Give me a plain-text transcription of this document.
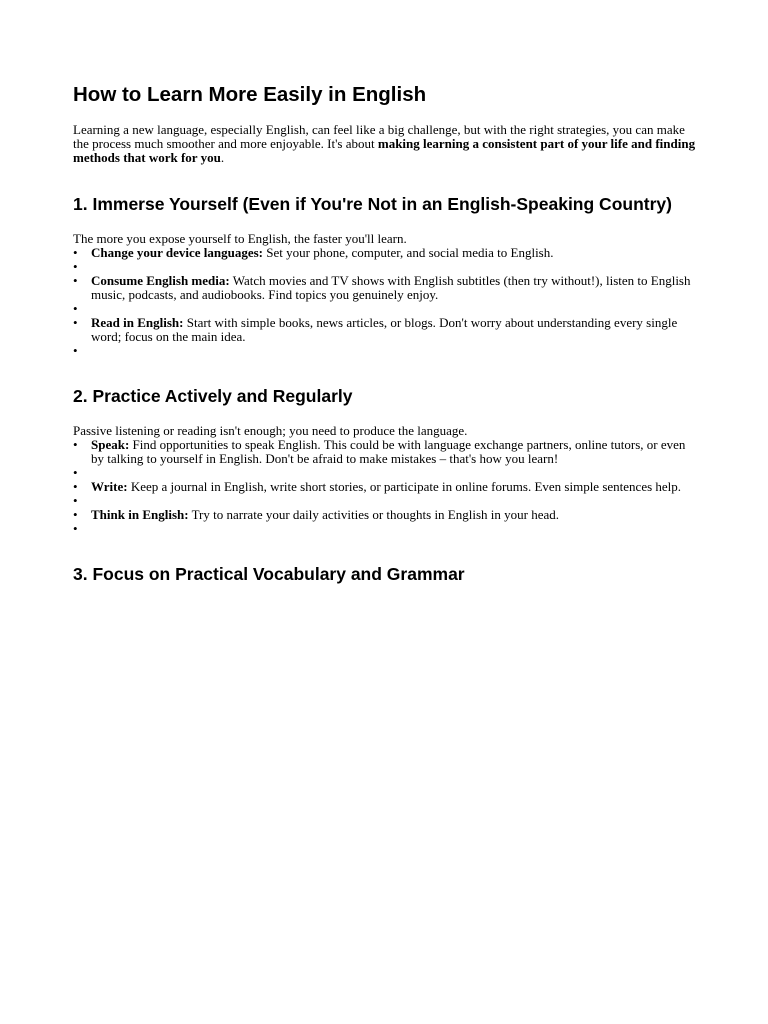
How to Learn More Easily in English

Learning a new language, especially English, can feel like a big challenge, but with the right strategies, you can make the process much smoother and more enjoyable. It's about making learning a consistent part of your life and finding methods that work for you.

1. Immerse Yourself (Even if You're Not in an English-Speaking Country)

The more you expose yourself to English, the faster you'll learn.

• Change your device languages: Set your phone, computer, and social media to English.
•
• Consume English media: Watch movies and TV shows with English subtitles (then try without!), listen to English music, podcasts, and audiobooks. Find topics you genuinely enjoy.
•
• Read in English: Start with simple books, news articles, or blogs. Don't worry about understanding every single word; focus on the main idea.
•
2. Practice Actively and Regularly

Passive listening or reading isn't enough; you need to produce the language.

• Speak: Find opportunities to speak English. This could be with language exchange partners, online tutors, or even by talking to yourself in English. Don't be afraid to make mistakes – that's how you learn!
•
• Write: Keep a journal in English, write short stories, or participate in online forums. Even simple sentences help.
•
• Think in English: Try to narrate your daily activities or thoughts in English in your head.
•
3. Focus on Practical Vocabulary and Grammar
